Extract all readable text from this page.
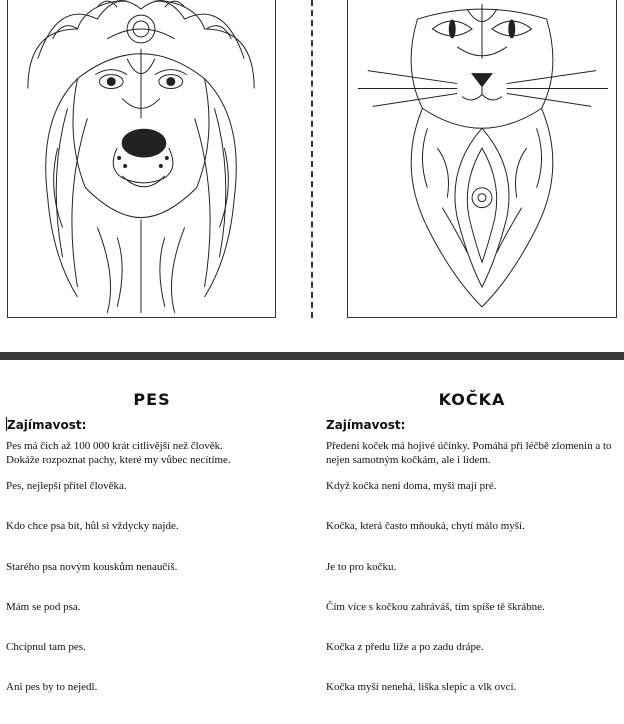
PES
Zajímavost:
Pes má čich až 100 000 krát citlivější než člověk.
Dokáže rozpoznat pachy, které my vůbec necítíme.
Pes, nejlepší přítel člověka.
Kdo chce psa bít, hůl si vždycky najde.
Starého psa novým kouskům nenaučíš.
Mám se pod psa.
Chcípnul tam pes.
Ani pes by to nejedl.
KOČKA
Zajímavost:
Předení koček má hojivé účinky. Pomáhá při léčbě zlomenin a to
nejen samotným kočkám, ale i lidem.
Když kočka není doma, myši mají pré.
Kočka, která často mňouká, chytí málo myší.
Je to pro kočku.
Čím více s kočkou zahráváš, tím spíše tě škrábne.
Kočka z předu líže a po zadu drápe.
Kočka myší nenehá, liška slepic a vlk ovcí.
